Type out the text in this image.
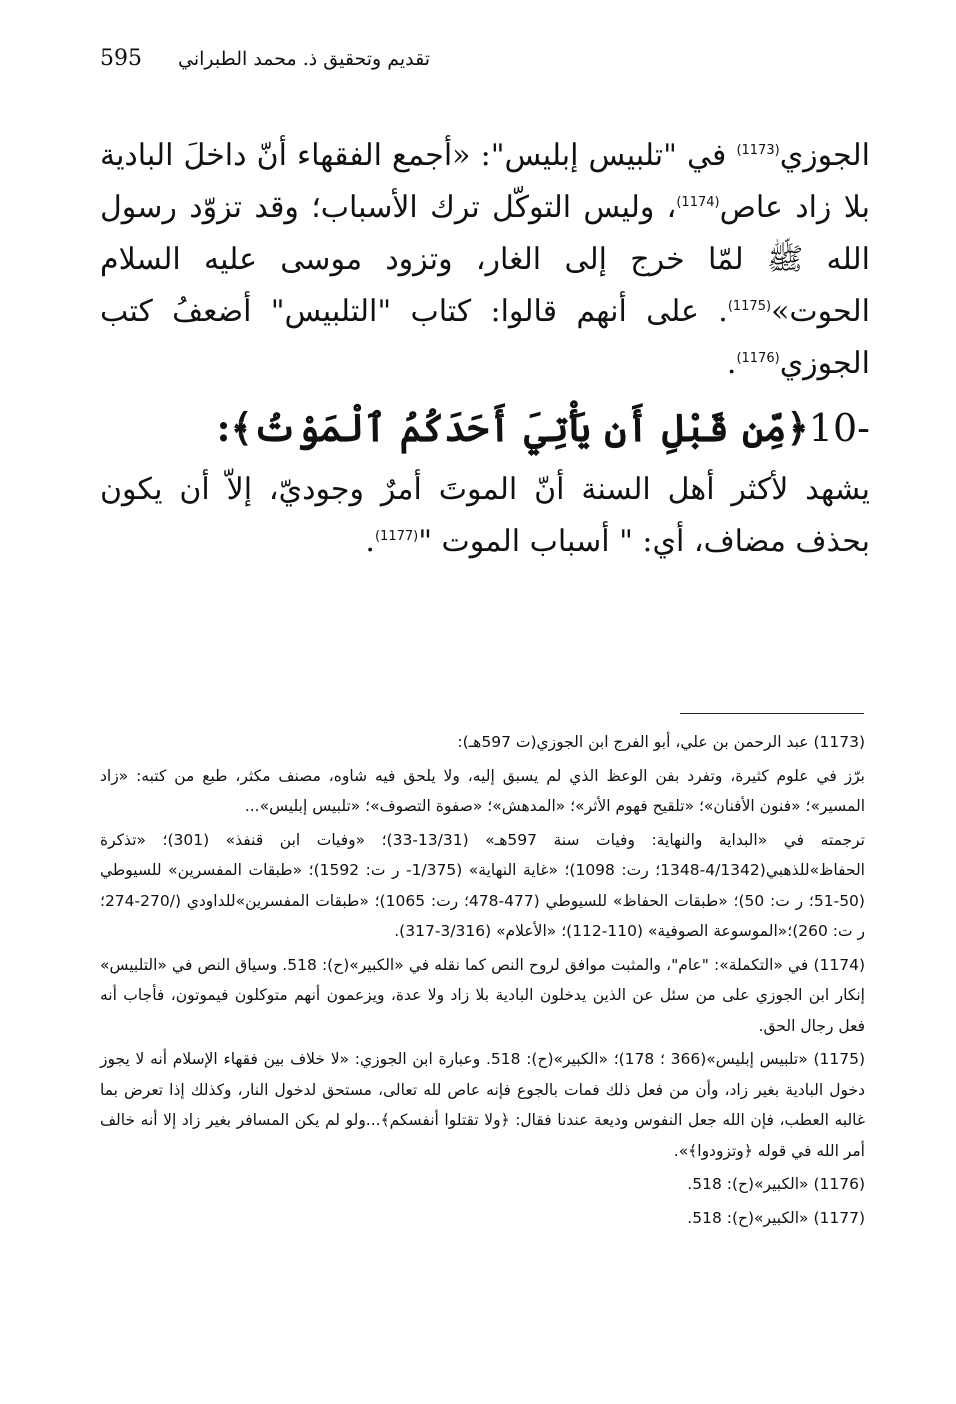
595 تقديم وتحقيق ذ. محمد الطبراني

الجوزي$^{(1173)}$ في "تلبيس إبليس": «أجمع الفقهاء أنّ داخلَ البادية بلا زاد عاص$^{(1174)}$، وليس التوكّل ترك الأسباب؛ وقد تزوّد رسول الله ﷺ لمّا خرج إلى الغار، وتزود موسى عليه السلام الحوت»$^{(1175)}$. على أنهم قالوا: كتاب "التلبيس" أضعفُ كتب الجوزي$^{(1176)}$.

10-﴿مِّن قَبْلِ أَن يَأْتِيَ أَحَدَكُمُ ٱلْمَوْتُ﴾:

يشهد لأكثر أهل السنة أنّ الموتَ أمرٌ وجوديّ، إلاّ أن يكون بحذف مضاف، أي: " أسباب الموت "$^{(1177)}$.

(1173) عبد الرحمن بن علي، أبو الفرج ابن الجوزي(ت 597هـ):

برّز في علوم كثيرة، وتفرد بفن الوعظ الذي لم يسبق إليه، ولا يلحق فيه شاوه، مصنف مكثر، طبع من كتبه: «زاد المسير»؛ «فنون الأفنان»؛ «تلقيح فهوم الأثر»؛ «المدهش»؛ «صفوة التصوف»؛ «تلبيس إبليس»...

ترجمته في «البداية والنهاية: وفيات سنة 597هـ» (13/31-33)؛ «وفيات ابن قنفذ» (301)؛ «تذكرة الحفاظ»للذهبي(4/1342-1348؛ رت: 1098)؛ «غاية النهاية» (1/375- ر ت: 1592)؛ «طبقات المفسرين» للسيوطي (50-51؛ ر ت: 50)؛ «طبقات الحفاظ» للسيوطي (477-478؛ رت: 1065)؛ «طبقات المفسرين»للداودي (/270-274؛ ر ت: 260)؛«الموسوعة الصوفية» (110-112)؛ «الأعلام» (3/316-317).

(1174) في «التكملة»: "عام"، والمثبت موافق لروح النص كما نقله في «الكبير»(ح): 518. وسياق النص في «التلبيس» إنكار ابن الجوزي على من سئل عن الذين يدخلون البادية بلا زاد ولا عدة، ويزعمون أنهم متوكلون فيموتون، فأجاب أنه فعل رجال الحق.

(1175) «تلبيس إبليس»(366 ؛ 178)؛ «الكبير»(ح): 518. وعبارة ابن الجوزي: «لا خلاف بين فقهاء الإسلام أنه لا يجوز دخول البادية بغير زاد، وأن من فعل ذلك فمات بالجوع فإنه عاص لله تعالى، مستحق لدخول النار، وكذلك إذا تعرض بما غالبه العطب، فإن الله جعل النفوس وديعة عندنا فقال: ﴿ولا تقتلوا أنفسكم﴾...ولو لم يكن المسافر بغير زاد إلا أنه خالف أمر الله في قوله ﴿وتزودوا﴾».

(1176) «الكبير»(ح): 518.

(1177) «الكبير»(ح): 518.
